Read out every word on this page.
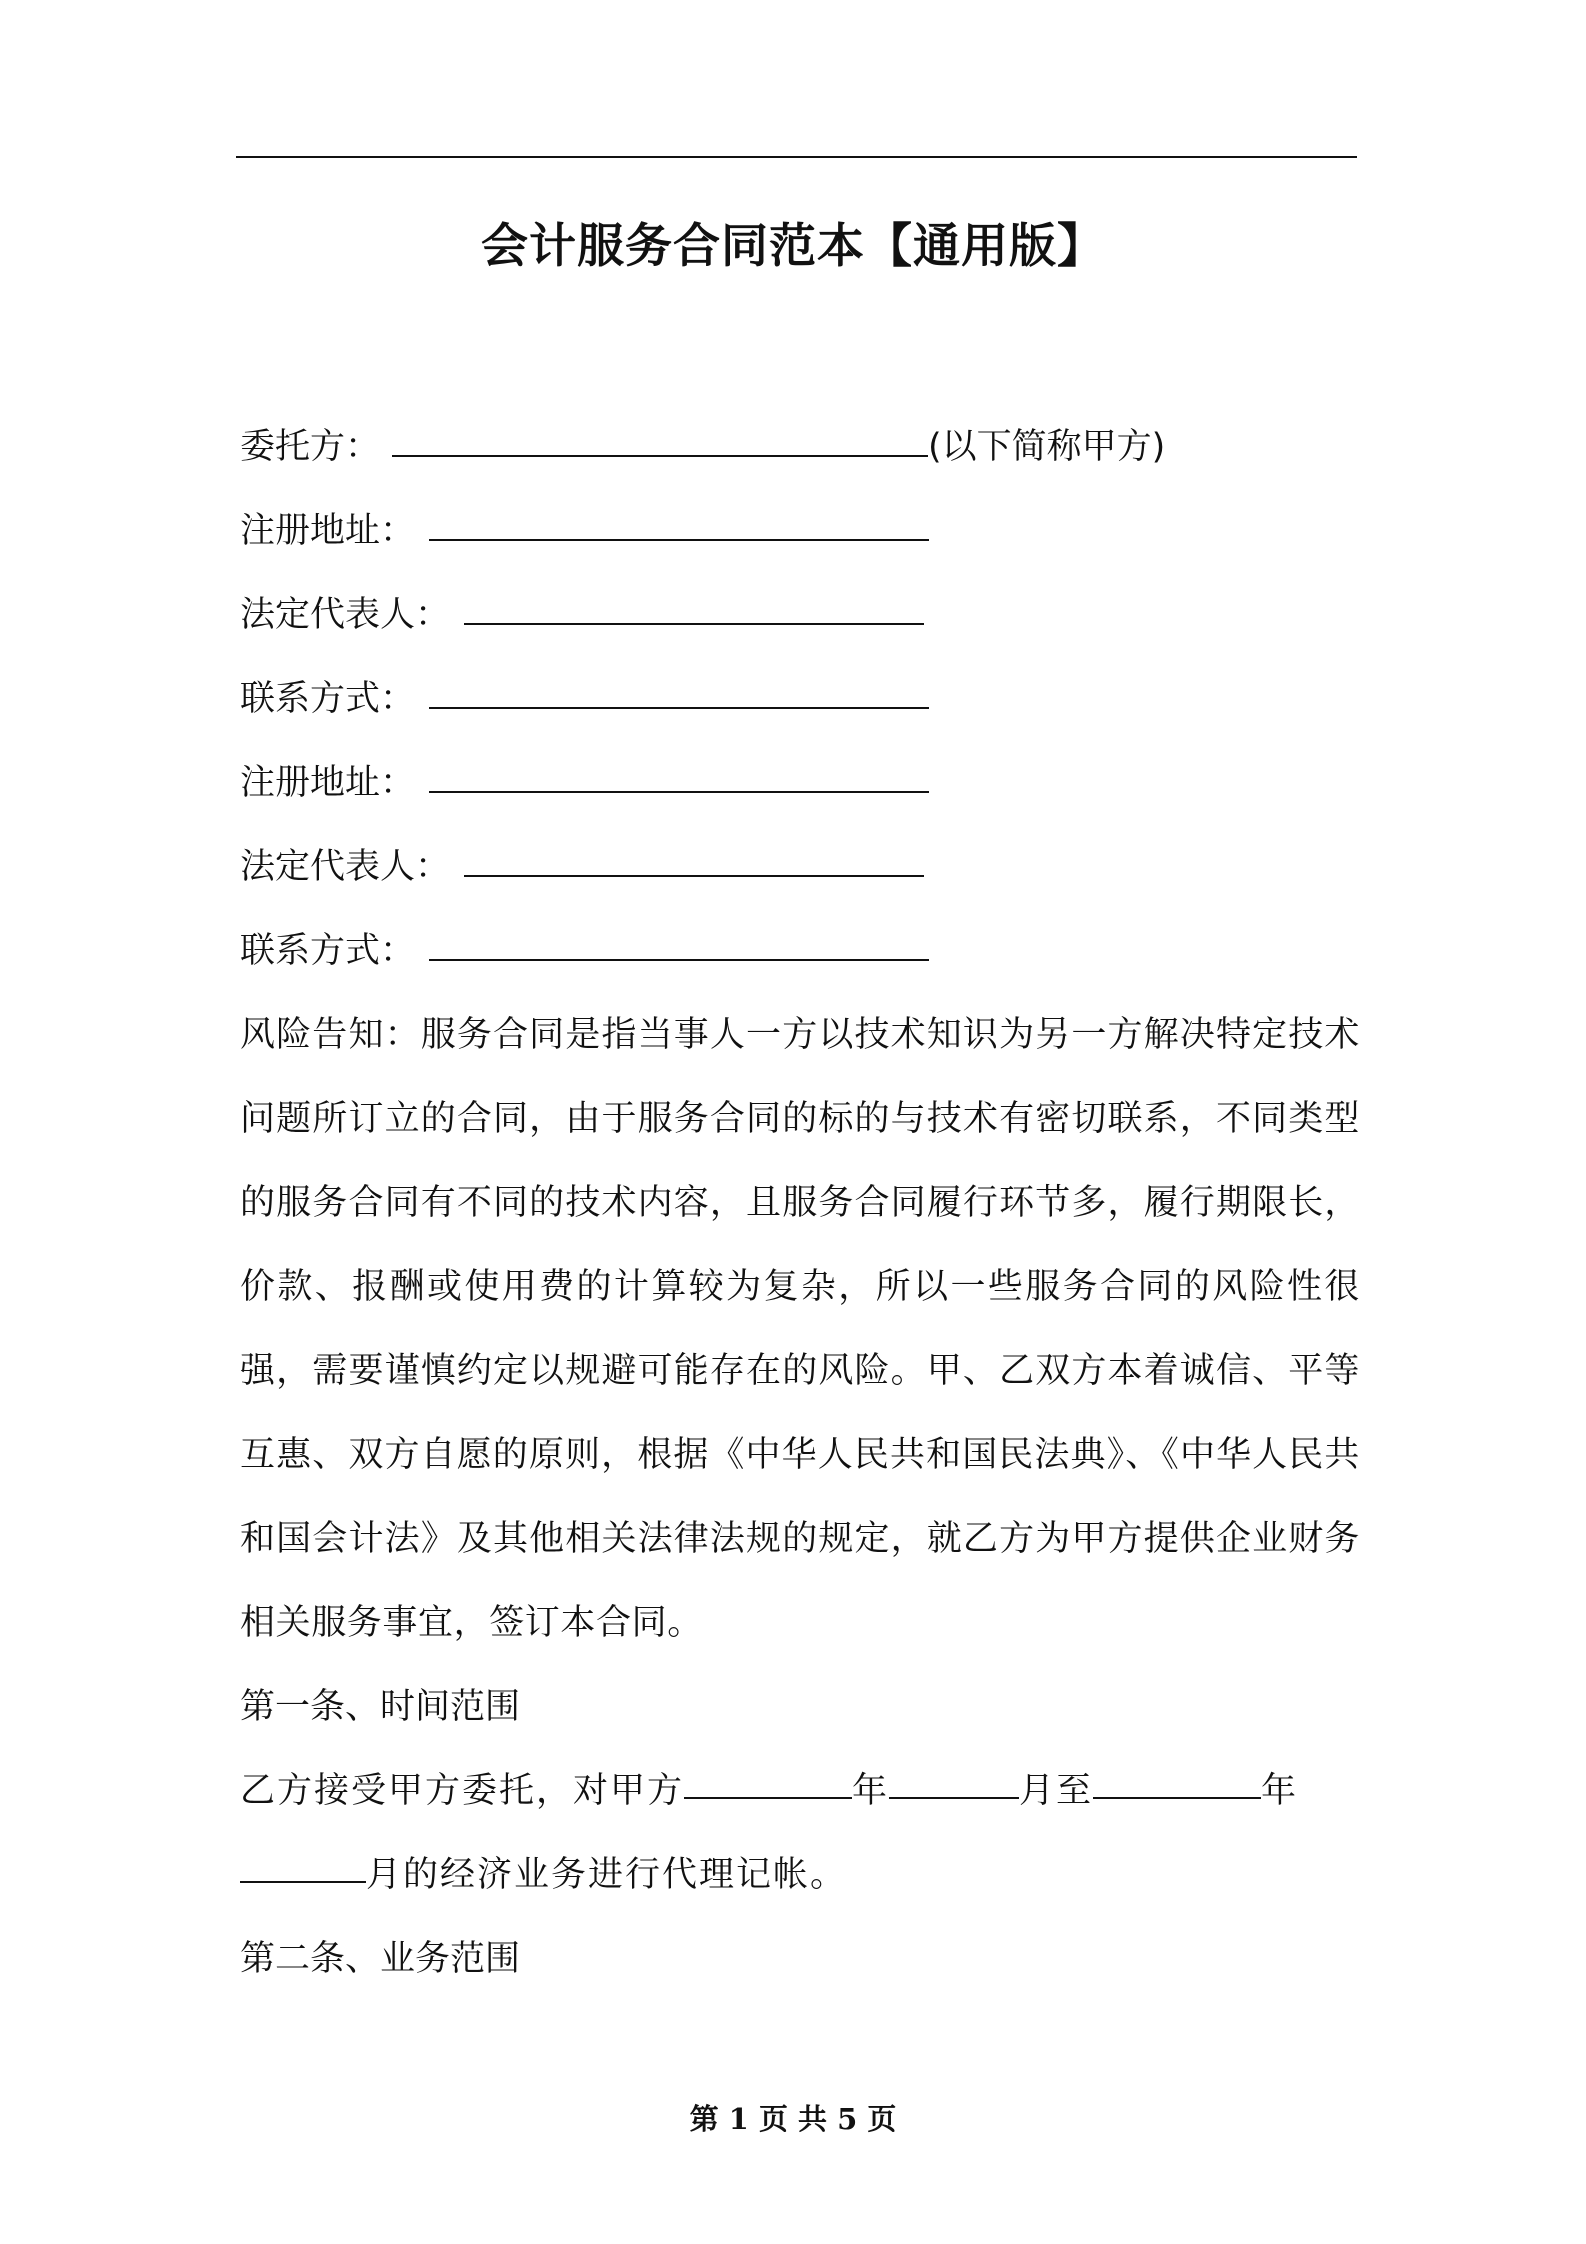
会计服务合同范本【通用版】
委托方：	(以下简称甲方)
注册地址：
法定代表人：
联系方式：
注册地址：
法定代表人：
联系方式：

风险告知：服务合同是指当事人一方以技术知识为另一方解决特定技术问题所订立的合同，由于服务合同的标的与技术有密切联系，不同类型的服务合同有不同的技术内容，且服务合同履行环节多，履行期限长，价款、报酬或使用费的计算较为复杂，所以一些服务合同的风险性很强，需要谨慎约定以规避可能存在的风险。甲、乙双方本着诚信、平等互惠、双方自愿的原则，根据《中华人民共和国民法典》、《中华人民共和国会计法》及其他相关法律法规的规定，就乙方为甲方提供企业财务相关服务事宜，签订本合同。

第一条、时间范围

乙方接受甲方委托，对甲方	年	月至	年
月的经济业务进行代理记帐。

第二条、业务范围

第 1 页 共 5 页
